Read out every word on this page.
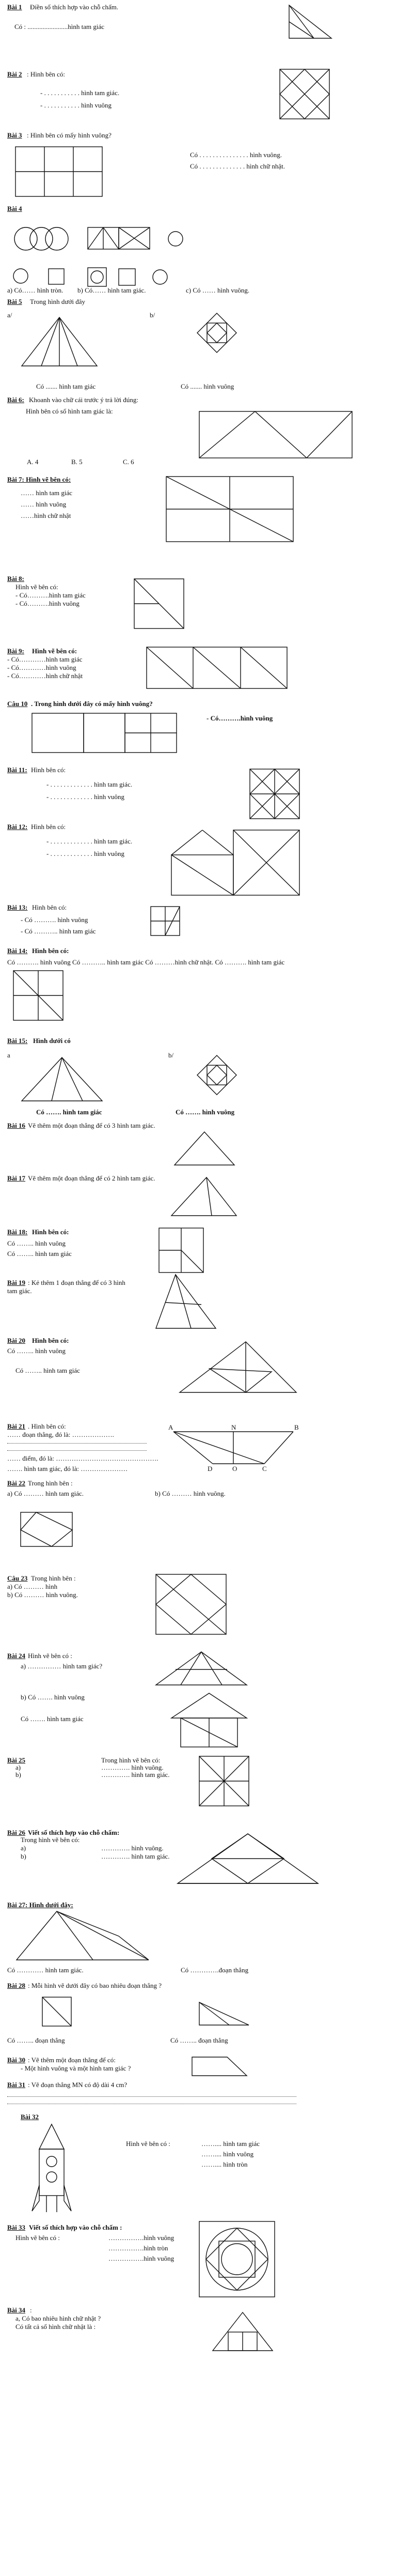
Bài 1 Điền số thích hợp vào chỗ chấm.
Có : ........................hình tam giác
Bài 2 : Hình bên có:
- . . . . . . . . . . . hình tam giác.
- . . . . . . . . . . . hình vuông
Bài 3 : Hình bên có mấy hình vuông?
Có . . . . . . . . . . . . . . . hình vuông.
Có . . . . . . . . . . . . . . hình chữ nhật.
Bài 4
a) Có…… hình tròn. b) Có…… hình tam giác.	c) Có …… hình vuông.
Bài 5 Trong hình dưới đây
a/	b/
Có ....... hình tam giác	Có ....... hình vuông
Bài 6: Khoanh vào chữ cái trước ý trả lời đúng:
Hình bên có số hình tam giác là:
A. 4	B. 5	C. 6
Bài 7: Hình vẽ bên có:
…… hình tam giác
…… hình vuông
……hình chữ nhật
Bài 8:
Hình vẽ bên có:
- Có……….hình tam giác
- Có……….hình vuông
Bài 9: Hình vẽ bên có:
- Có…………hình tam giác
- Có…………hình vuông
- Có…………hình chữ nhật
Câu 10 . Trong hình dưới đây có mấy hình vuông?
- Có……….hình vuông
Bài 11: Hình bên có:
- . . . . . . . . . . . . . hình tam giác.
- . . . . . . . . . . . . . hình vuông
Bài 12: Hình bên có:
- . . . . . . . . . . . . . hình tam giác.
- . . . . . . . . . . . . . hình vuông
Bài 13: Hình bên có:
- Có ………. hình vuông
- Có ……….. hình tam giác
Bài 14: Hình bên có:
Có ………. hình vuông Có ……….. hình tam giác Có ………hình chữ nhật. Có ………. hình tam giác
Bài 15: Hình dưới có
a	b/
Có ……. hình tam giác	Có ……. hình vuông
Bài 16 Vẽ thêm một đoạn thẳng để có 3 hình tam giác.
Bài 17 Vẽ thêm một đoạn thẳng để có 2 hình tam giác.
Bài 18: Hình bên có:
Có …….. hình vuông
Có …….. hình tam giác
Bài 19 : Kẻ thêm 1 đoạn thẳng để có 3 hình
tam giác.
Bài 20 Hình bên có:
Có …….. hình vuông
Có …….. hình tam giác
Bài 21 . Hình bên có:
…… đoạn thẳng, đó là: ……………….
…… điểm, đó là: ……………………………………….
……. hình tam giác, đó là: …………………
A	N	B
D	O	C
Bài 22 Trong hình bên :
a) Có ……… hình tam giác.	b) Có ……… hình vuông.
Câu 23 Trong hình bên :
a) Có ……… hình
b) Có ……… hình vuông.
Bài 24 Hình vẽ bên có :
a) …………… hình tam giác?
b) Có ……. hình vuông
Có ……. hình tam giác
Bài 25
a)
b)
Trong hình vẽ bên có:
…………. hình vuông.
…………. hình tam giác.
Bài 26 Viết số thích hợp vào chỗ chấm:
Trong hình vẽ bên có:
a)
b)
…………. hình vuông.
…………. hình tam giác.
Bài 27: Hình dưới đây:
Có ………… hình tam giác.	Có ………….đoạn thẳng
Bài 28 : Mỗi hình vẽ dưới đây có bao nhiêu đoạn thẳng ?
Có …….. đoạn thẳng	Có …….. đoạn thẳng
Bài 30 : Vẽ thêm một đoạn thẳng để có:
- Một hình vuông và một hình tam giác ?
Bài 31 : Vẽ đoạn thẳng MN có độ dài 4 cm?
Bài 32
Hình vẽ bên có :	…….... hình tam giác
…….... hình vuông
…….... hình tròn
Bài 33 Viết số thích hợp vào chỗ chấm :
Hình vẽ bên có :	…………….hình vuông
…………….hình tròn
…………….hình vuông
Bài 34 :
a, Có bao nhiêu hình chữ nhật ?
Có tất cả số hình chữ nhật là :
